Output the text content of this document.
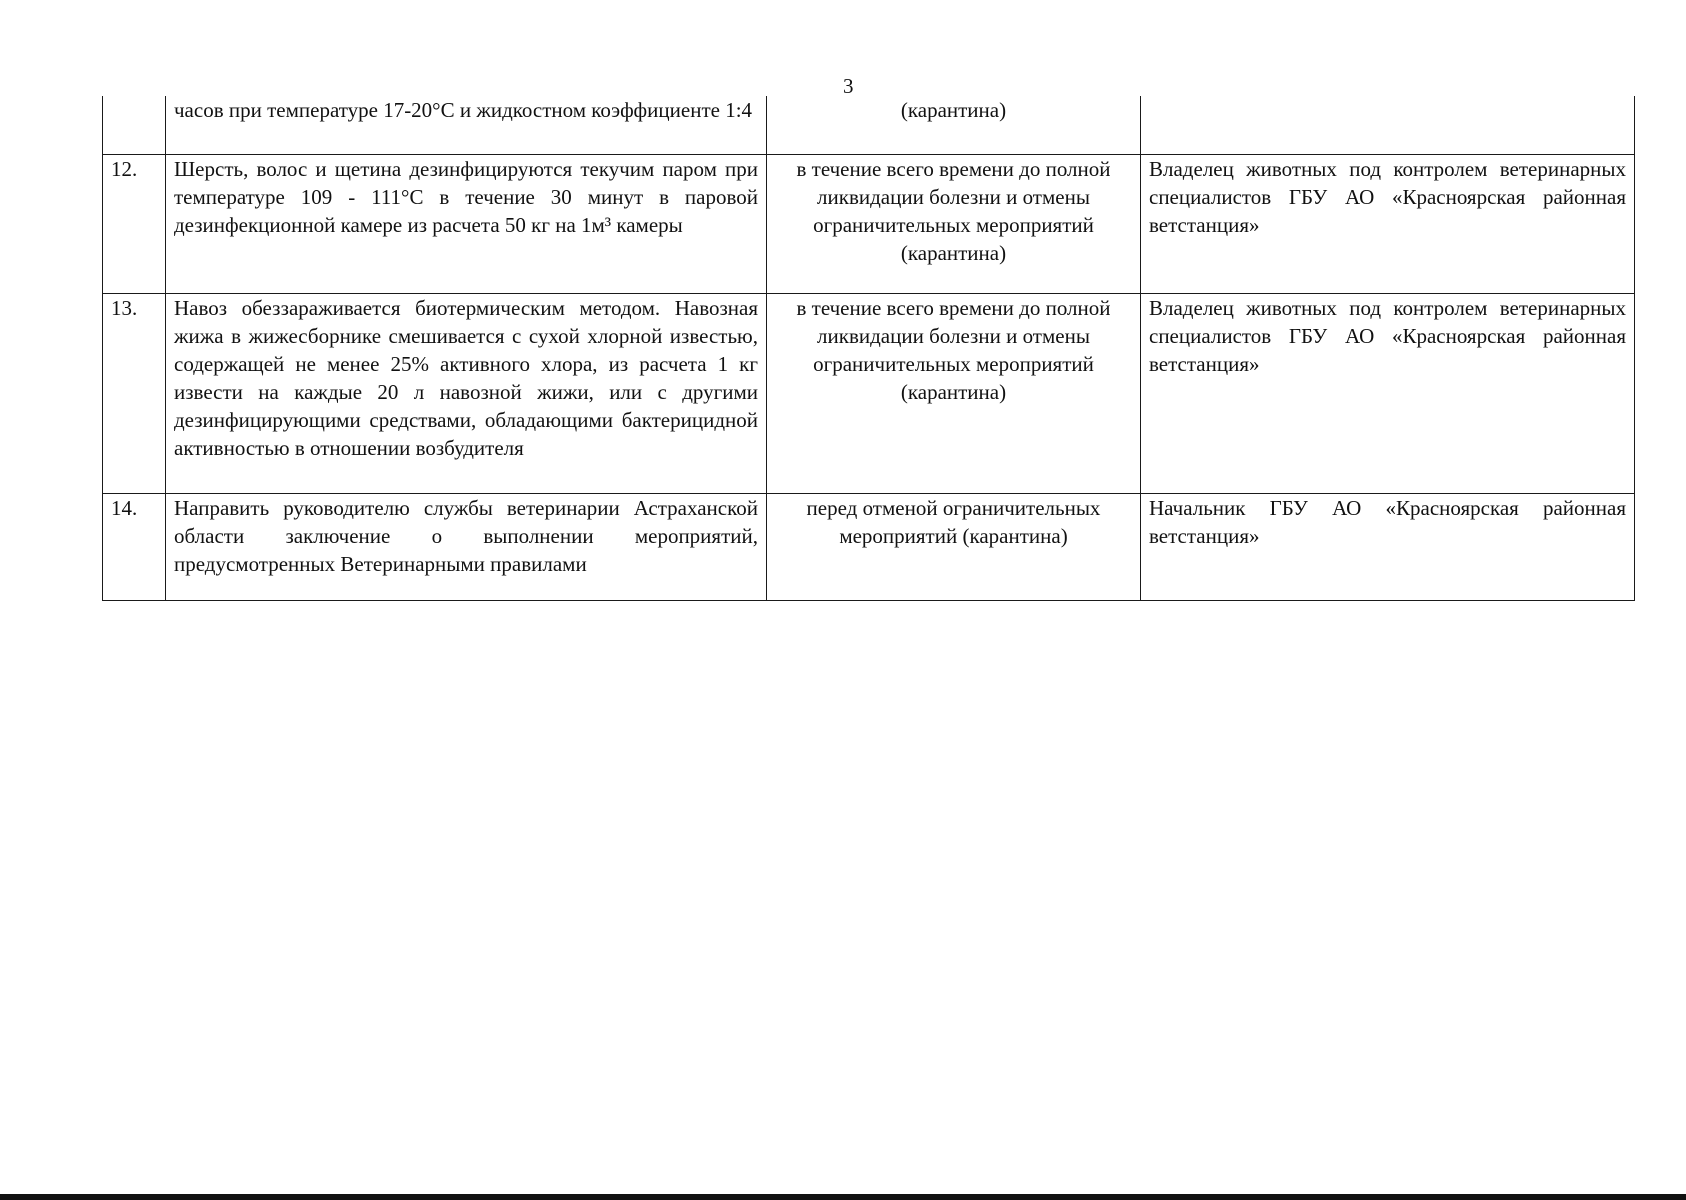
3
	часов при температуре 17-20°С и жидкостном коэффициенте 1:4	(карантина)	
12.	Шерсть, волос и щетина дезинфицируются текучим паром при температуре 109 - 111°С в течение 30 минут в паровой дезинфекционной камере из расчета 50 кг на 1м³ камеры	в течение всего времени до полной ликвидации болезни и отмены ограничительных мероприятий (карантина)	Владелец животных под контролем ветеринарных специалистов ГБУ АО «Красноярская районная ветстанция»
13.	Навоз обеззараживается биотермическим методом. Навозная жижа в жижесборнике смешивается с сухой хлорной известью, содержащей не менее 25% активного хлора, из расчета 1 кг извести на каждые 20 л навозной жижи, или с другими дезинфицирующими средствами, обладающими бактерицидной активностью в отношении возбудителя	в течение всего времени до полной ликвидации болезни и отмены ограничительных мероприятий (карантина)	Владелец животных под контролем ветеринарных специалистов ГБУ АО «Красноярская районная ветстанция»
14.	Направить руководителю службы ветеринарии Астраханской области заключение о выполнении мероприятий, предусмотренных Ветеринарными правилами	перед отменой ограничительных мероприятий (карантина)	Начальник ГБУ АО «Красноярская районная ветстанция»
